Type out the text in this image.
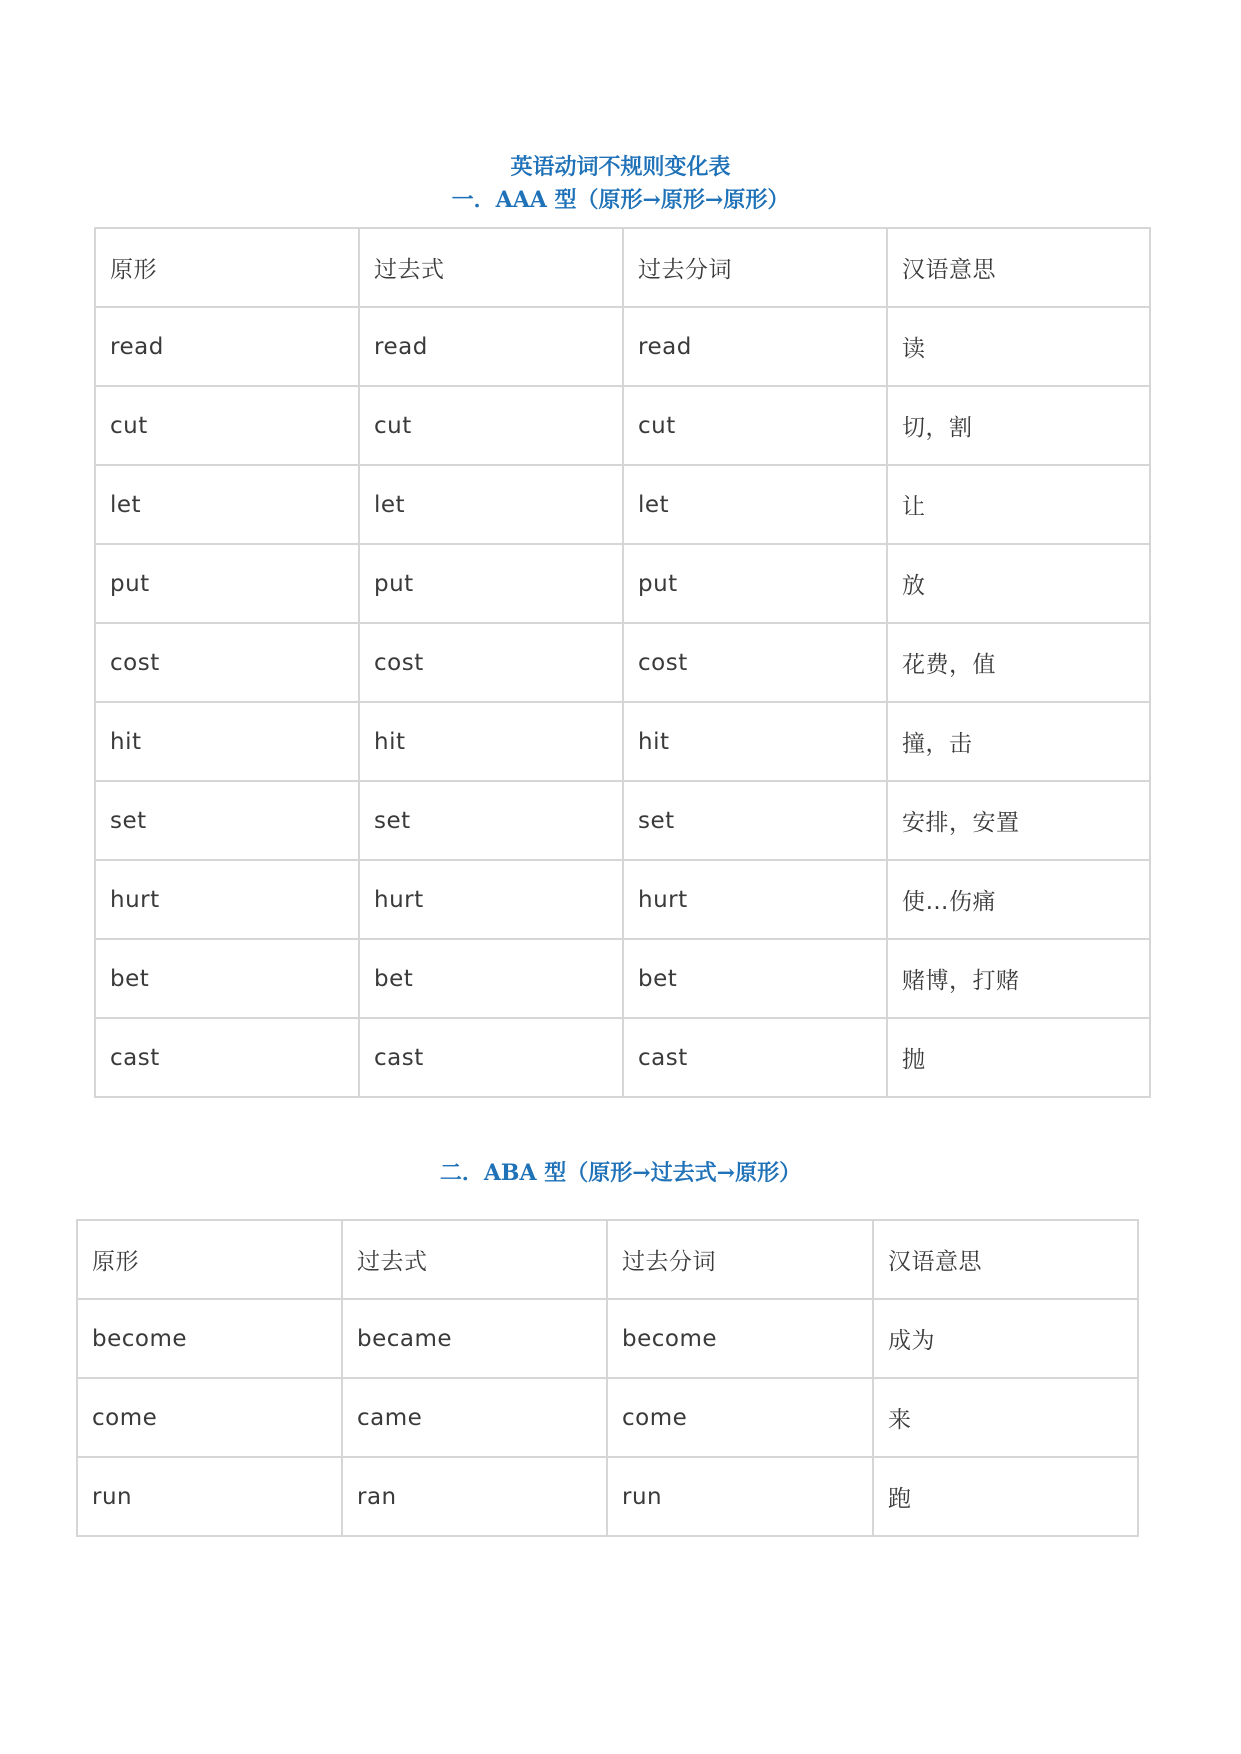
英语动词不规则变化表
一．AAA 型（原形→原形→原形）
原形	过去式	过去分词	汉语意思
read	read	read	读
cut	cut	cut	切，割
let	let	let	让
put	put	put	放
cost	cost	cost	花费，值
hit	hit	hit	撞，击
set	set	set	安排，安置
hurt	hurt	hurt	使…伤痛
bet	bet	bet	赌博，打赌
cast	cast	cast	抛
二．ABA 型（原形→过去式→原形）
原形	过去式	过去分词	汉语意思
become	became	become	成为
come	came	come	来
run	ran	run	跑
